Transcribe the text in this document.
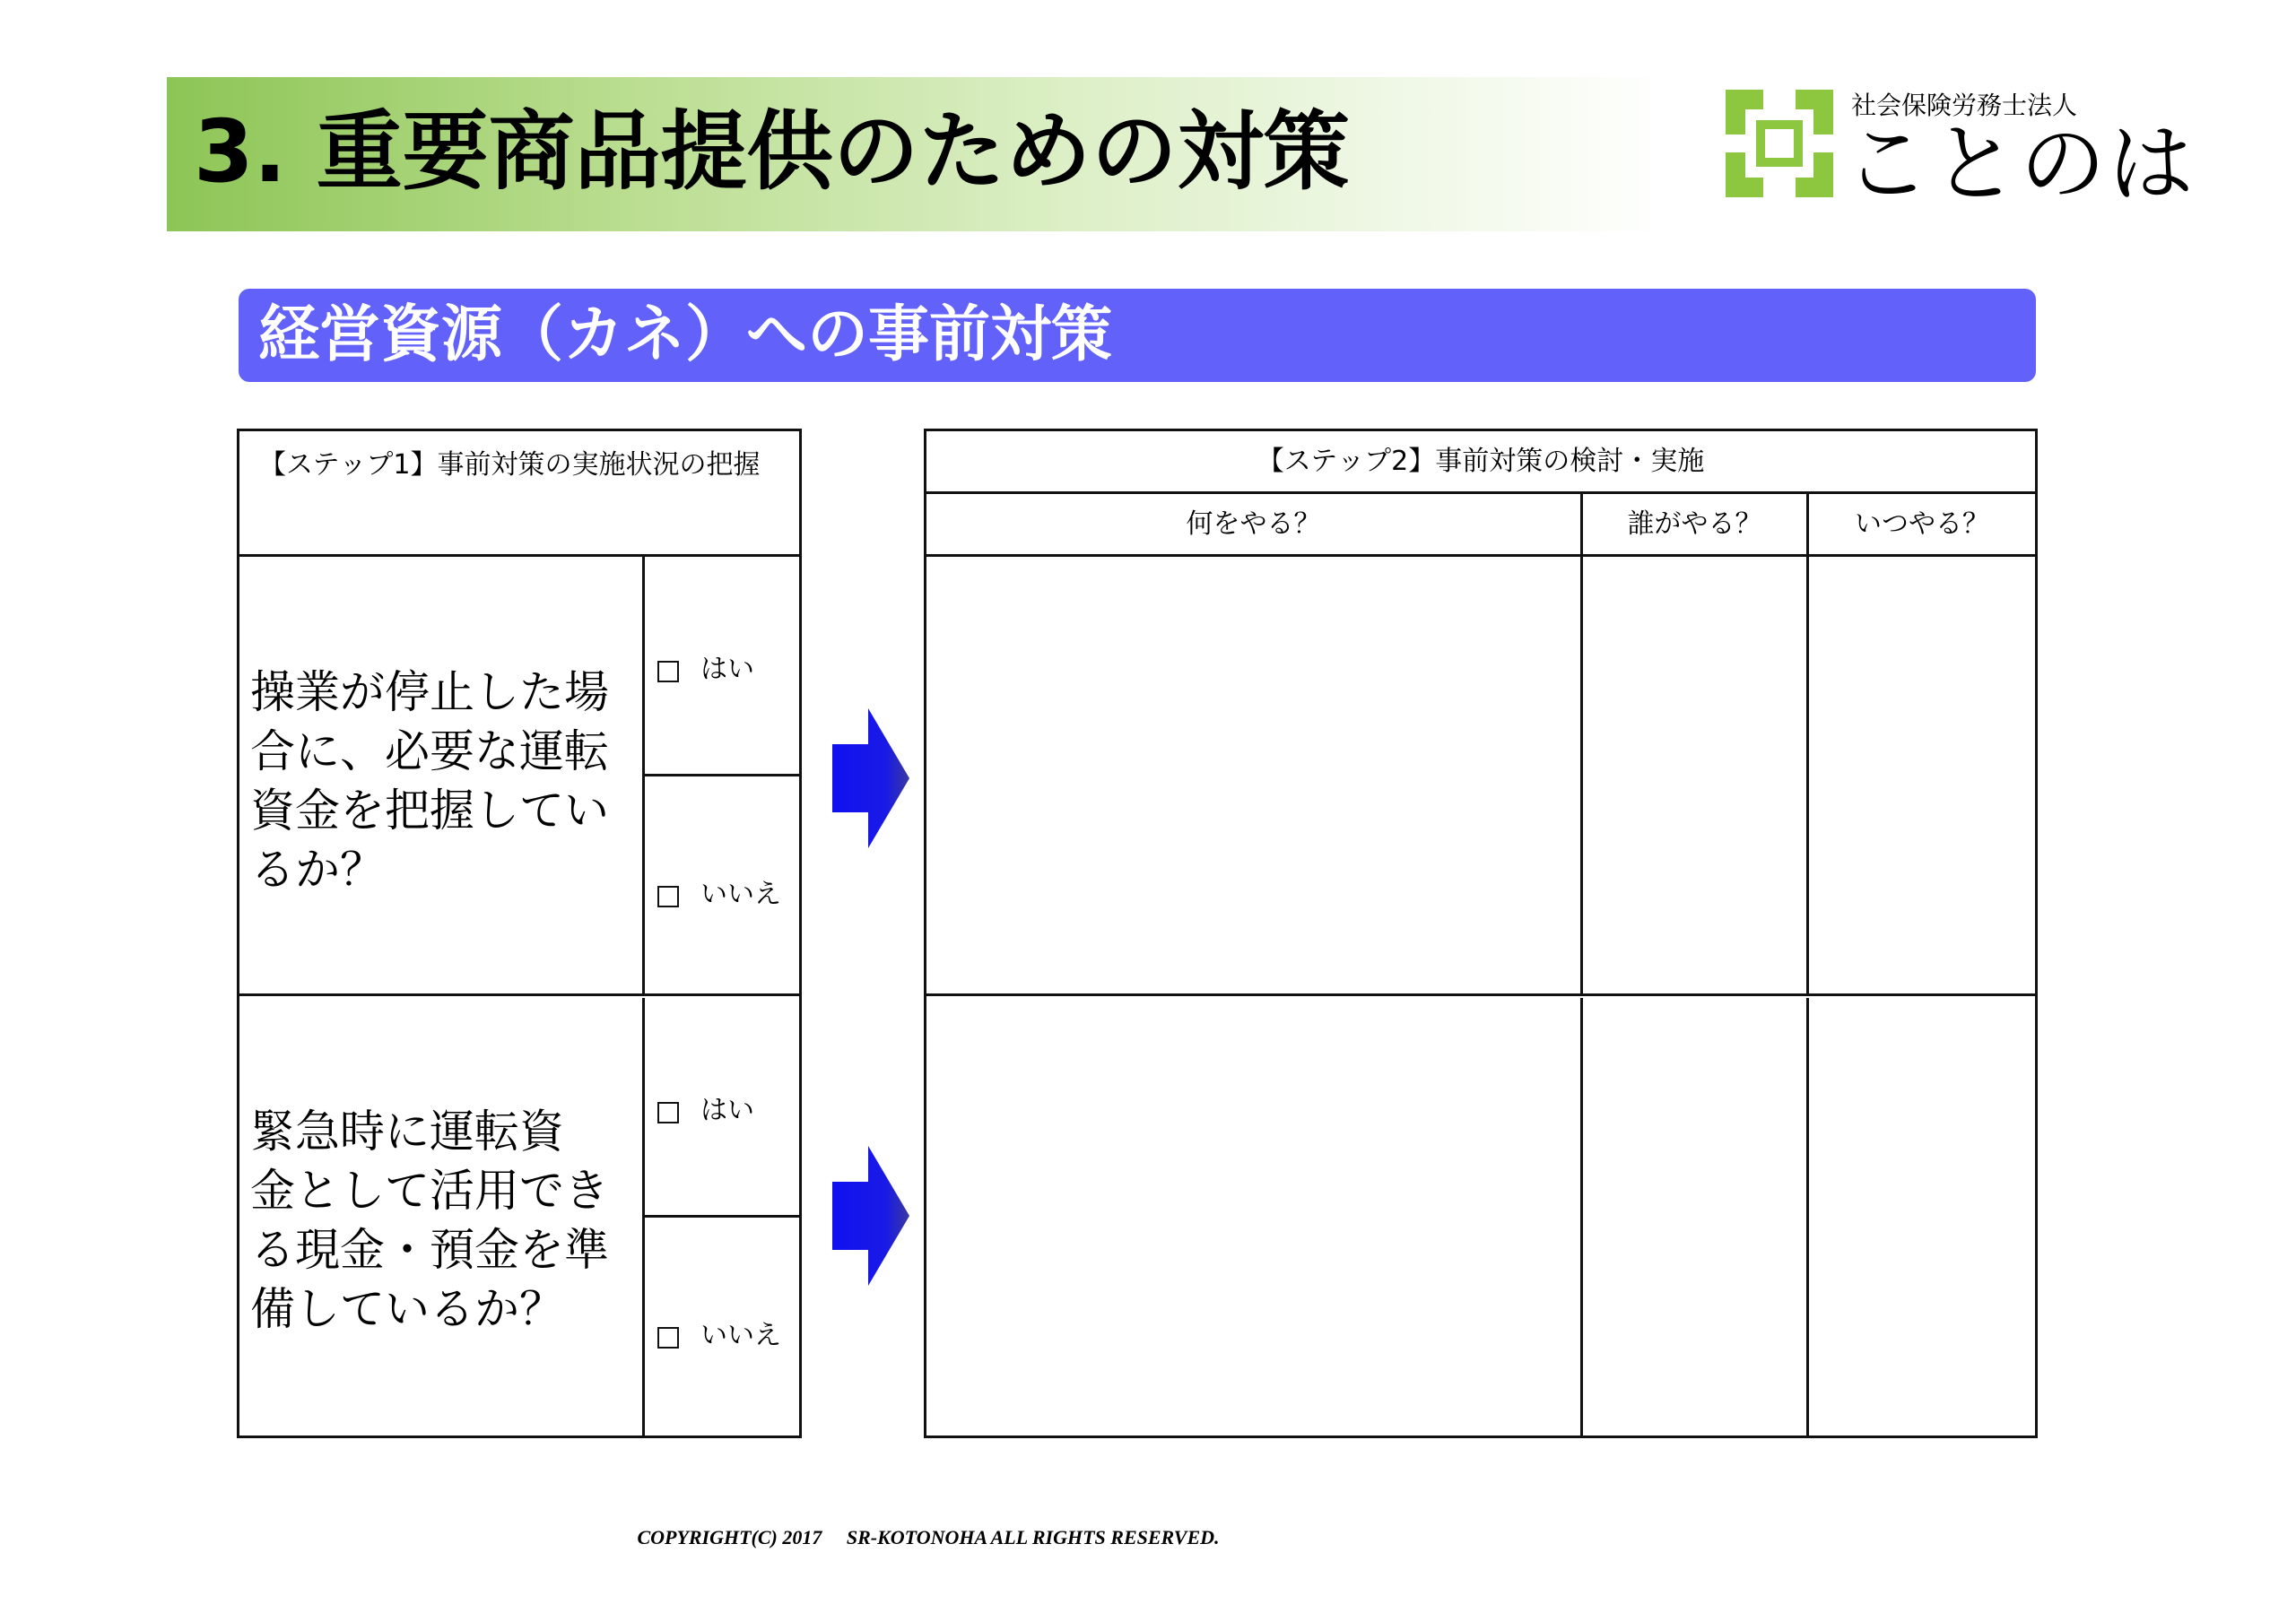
3. 重要商品提供のための対策	社会保険労務士法人
ことのは
経営資源（カネ）への事前対策
【ステップ1】事前対策の実施状況の把握
操業が停止した場
合に、必要な運転
資金を把握してい
るか？
はい
いいえ
緊急時に運転資
金として活用でき
る現金・預金を準
備しているか？
はい
いいえ
【ステップ2】事前対策の検討・実施
何をやる？	誰がやる？	いつやる？
COPYRIGHT(C) 2017     SR-KOTONOHA ALL RIGHTS RESERVED.
